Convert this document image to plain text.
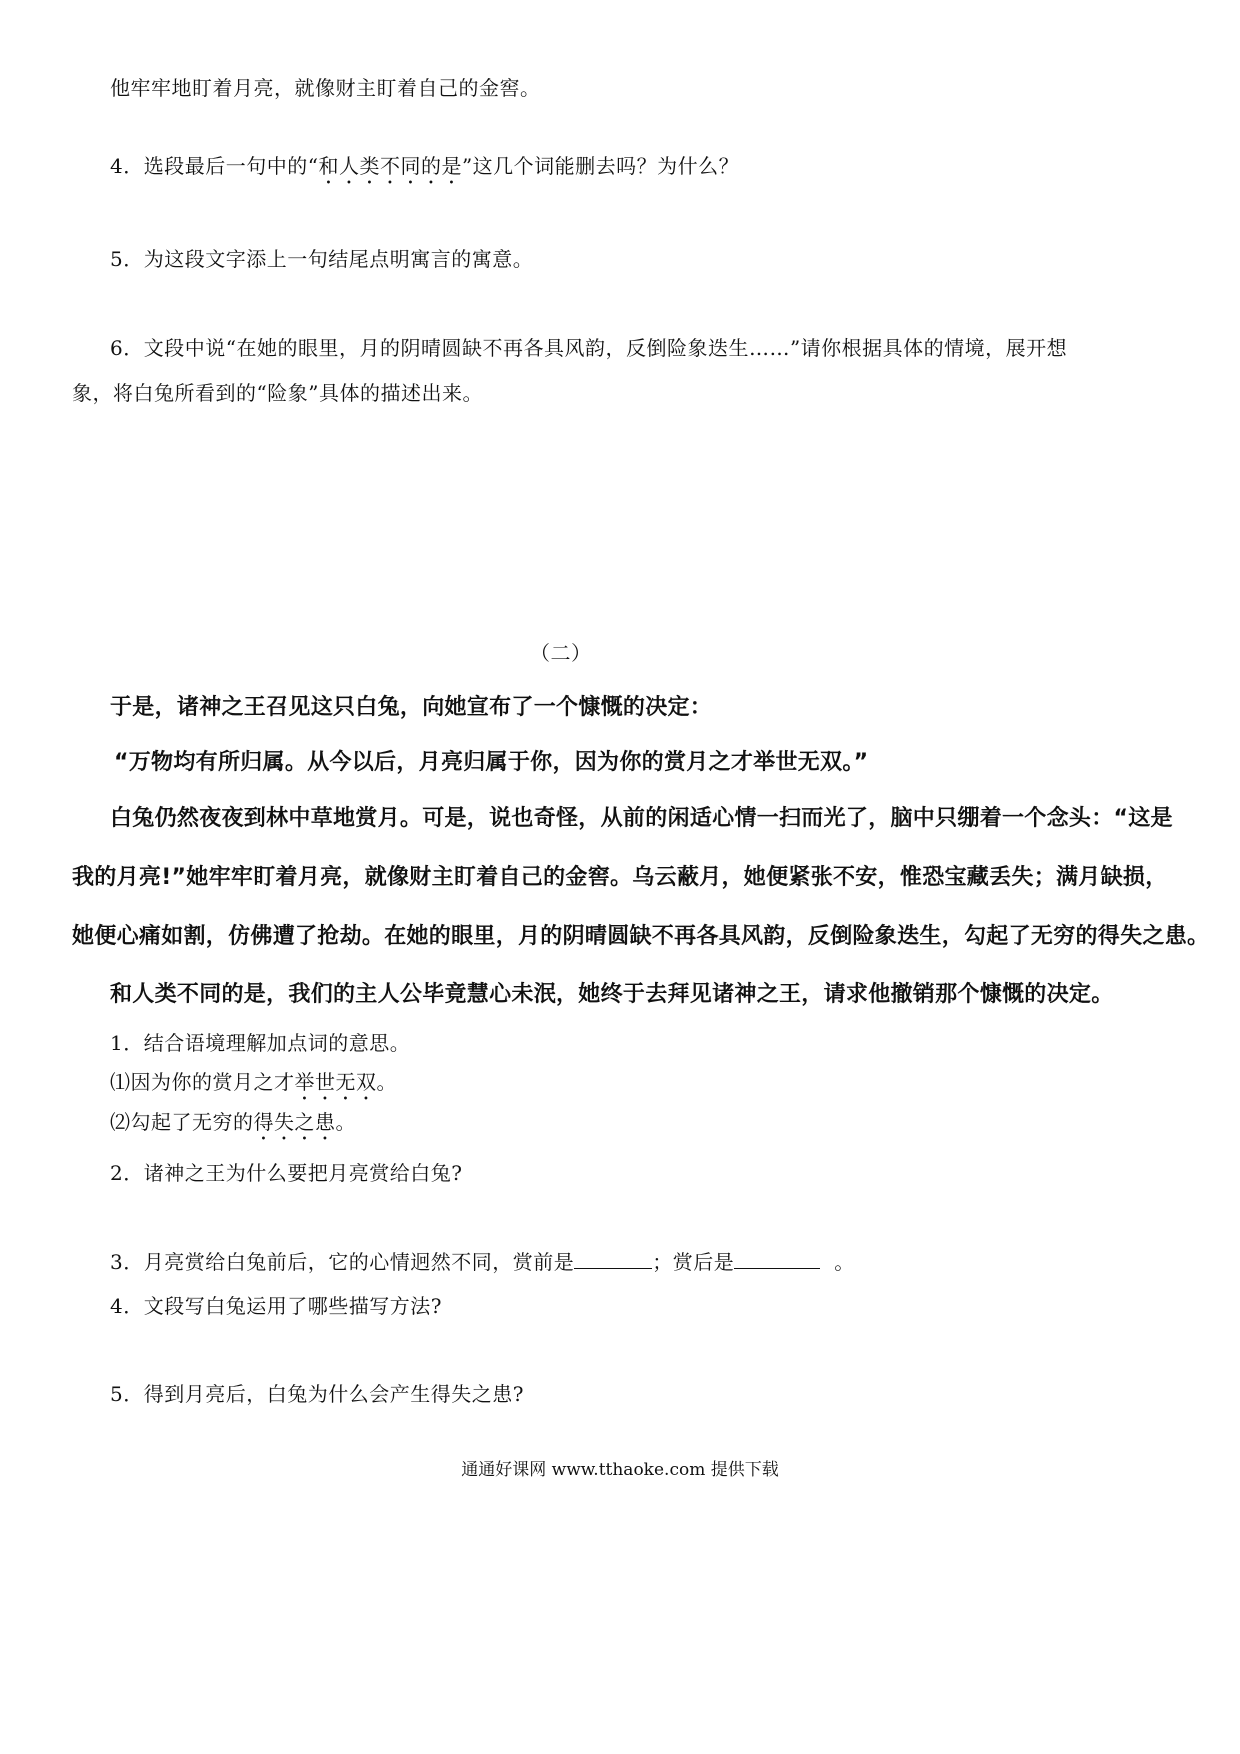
他牢牢地盯着月亮，就像财主盯着自己的金窖。
4．选段最后一句中的“和人类不同的是”这几个词能删去吗？为什么？
5．为这段文字添上一句结尾点明寓言的寓意。
6．文段中说“在她的眼里，月的阴晴圆缺不再各具风韵，反倒险象迭生……”请你根据具体的情境，展开想
象，将白兔所看到的“险象”具体的描述出来。
（二）
于是，诸神之王召见这只白兔，向她宣布了一个慷慨的决定：
“万物均有所归属。从今以后，月亮归属于你，因为你的赏月之才举世无双。”
白兔仍然夜夜到林中草地赏月。可是，说也奇怪，从前的闲适心情一扫而光了，脑中只绷着一个念头：“这是
我的月亮!”她牢牢盯着月亮，就像财主盯着自己的金窖。乌云蔽月，她便紧张不安，惟恐宝藏丢失；满月缺损，
她便心痛如割，仿佛遭了抢劫。在她的眼里，月的阴晴圆缺不再各具风韵，反倒险象迭生，勾起了无穷的得失之患。
和人类不同的是，我们的主人公毕竟慧心未泯，她终于去拜见诸神之王，请求他撤销那个慷慨的决定。
1．结合语境理解加点词的意思。
⑴因为你的赏月之才举世无双。
⑵勾起了无穷的得失之患。
2．诸神之王为什么要把月亮赏给白兔?
3．月亮赏给白兔前后，它的心情迥然不同，赏前是	；赏后是	。
4．文段写白兔运用了哪些描写方法?
5．得到月亮后，白兔为什么会产生得失之患?
通通好课网 www.tthaoke.com 提供下载
